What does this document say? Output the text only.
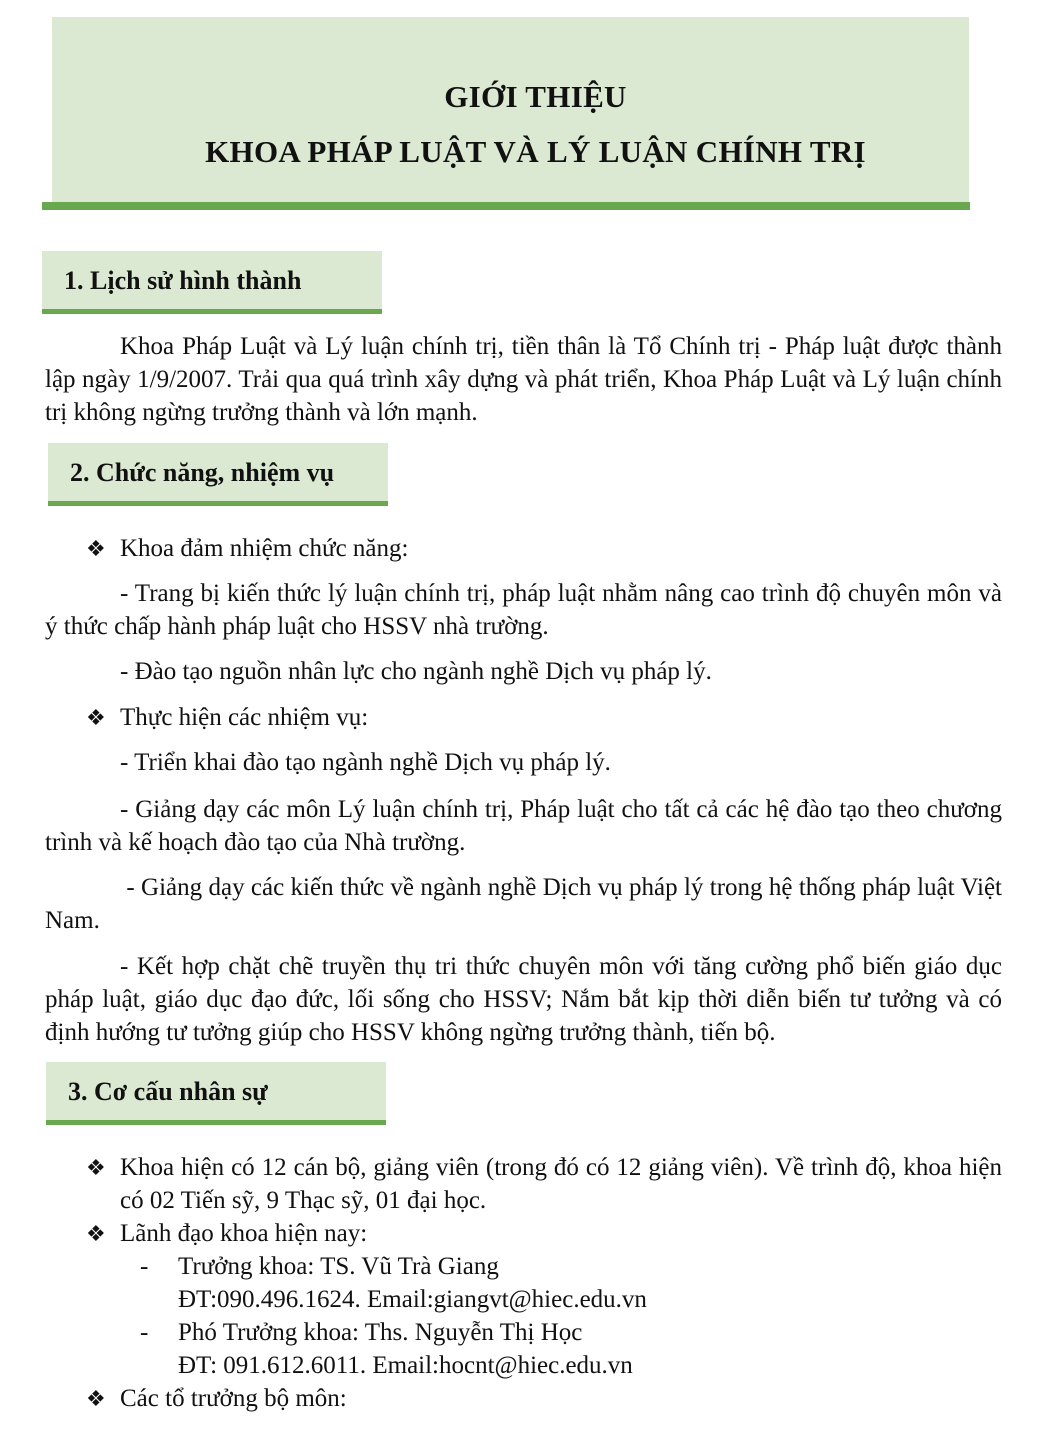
GIỚI THIỆU
KHOA PHÁP LUẬT VÀ LÝ LUẬN CHÍNH TRỊ
1. Lịch sử hình thành
Khoa Pháp Luật và Lý luận chính trị, tiền thân là Tổ Chính trị - Pháp luật được thành lập ngày 1/9/2007. Trải qua quá trình xây dựng và phát triển, Khoa Pháp Luật và Lý luận chính trị không ngừng trưởng thành và lớn mạnh.
2. Chức năng, nhiệm vụ
❖ Khoa đảm nhiệm chức năng:
- Trang bị kiến thức lý luận chính trị, pháp luật nhằm nâng cao trình độ chuyên môn và ý thức chấp hành pháp luật cho HSSV nhà trường.
- Đào tạo nguồn nhân lực cho ngành nghề Dịch vụ pháp lý.
❖ Thực hiện các nhiệm vụ:
- Triển khai đào tạo ngành nghề Dịch vụ pháp lý.
- Giảng dạy các môn Lý luận chính trị, Pháp luật cho tất cả các hệ đào tạo theo chương trình và kế hoạch đào tạo của Nhà trường.
- Giảng dạy các kiến thức về ngành nghề Dịch vụ pháp lý trong hệ thống pháp luật Việt Nam.
- Kết hợp chặt chẽ truyền thụ tri thức chuyên môn với tăng cường phổ biến giáo dục pháp luật, giáo dục đạo đức, lối sống cho HSSV; Nắm bắt kịp thời diễn biến tư tưởng và có định hướng tư tưởng giúp cho HSSV không ngừng trưởng thành, tiến bộ.
3. Cơ cấu nhân sự
❖ Khoa hiện có 12 cán bộ, giảng viên (trong đó có 12 giảng viên). Về trình độ, khoa hiện có 02 Tiến sỹ, 9 Thạc sỹ, 01 đại học.
❖ Lãnh đạo khoa hiện nay:
- Trưởng khoa: TS. Vũ Trà Giang
ĐT:090.496.1624. Email:giangvt@hiec.edu.vn
- Phó Trưởng khoa: Ths. Nguyễn Thị Học
ĐT: 091.612.6011. Email:hocnt@hiec.edu.vn
❖ Các tổ trưởng bộ môn:
